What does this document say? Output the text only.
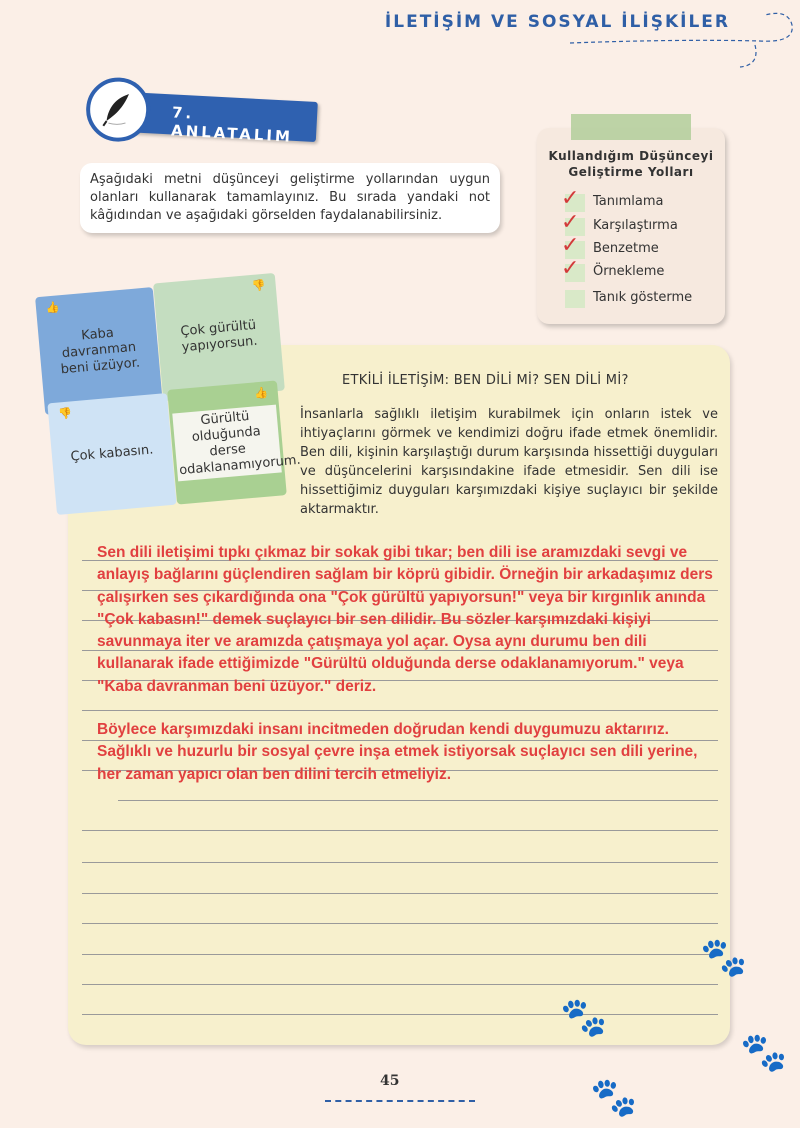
İLETİŞİM VE SOSYAL İLİŞKİLER
7. ANLATALIM
Aşağıdaki metni düşünceyi geliştirme yollarından uygun olanları kullanarak tamamlayınız. Bu sırada yandaki not kâğıdından ve aşağıdaki görselden faydalanabilirsiniz.
Kullandığım Düşünceyi
Geliştirme Yolları
✓ Tanımlama
✓ Karşılaştırma
✓ Benzetme
✓ Örnekleme
Tanık gösterme
👍
Kaba davranman beni üzüyor.
👎
Çok gürültü yapıyorsun.
👎
Çok kabasın.
👍
Gürültü olduğunda derse odaklanamıyorum.
ETKİLİ İLETİŞİM: BEN DİLİ Mİ? SEN DİLİ Mİ?
İnsanlarla sağlıklı iletişim kurabilmek için onların istek ve ihtiyaçlarını görmek ve kendimizi doğru ifade etmek önemlidir. Ben dili, kişinin karşılaştığı durum karşısında hissettiği duyguları ve düşüncelerini karşısındakine ifade etmesidir. Sen dili ise hissettiğimiz duyguları karşımızdaki kişiye suçlayıcı bir şekilde aktarmaktır.

Sen dili iletişimi tıpkı çıkmaz bir sokak gibi tıkar; ben dili ise aramızdaki sevgi ve anlayış bağlarını güçlendiren sağlam bir köprü gibidir. Örneğin bir arkadaşımız ders çalışırken ses çıkardığında ona "Çok gürültü yapıyorsun!" veya bir kırgınlık anında "Çok kabasın!" demek suçlayıcı bir sen dilidir. Bu sözler karşımızdaki kişiyi savunmaya iter ve aramızda çatışmaya yol açar. Oysa aynı durumu ben dili kullanarak ifade ettiğimizde "Gürültü olduğunda derse odaklanamıyorum." veya "Kaba davranman beni üzüyor." deriz.

Böylece karşımızdaki insanı incitmeden doğrudan kendi duygumuzu aktarırız. Sağlıklı ve huzurlu bir sosyal çevre inşa etmek istiyorsak suçlayıcı sen dili yerine, her zaman yapıcı olan ben dilini tercih etmeliyiz.

🐾
🐾
🐾
🐾
45
